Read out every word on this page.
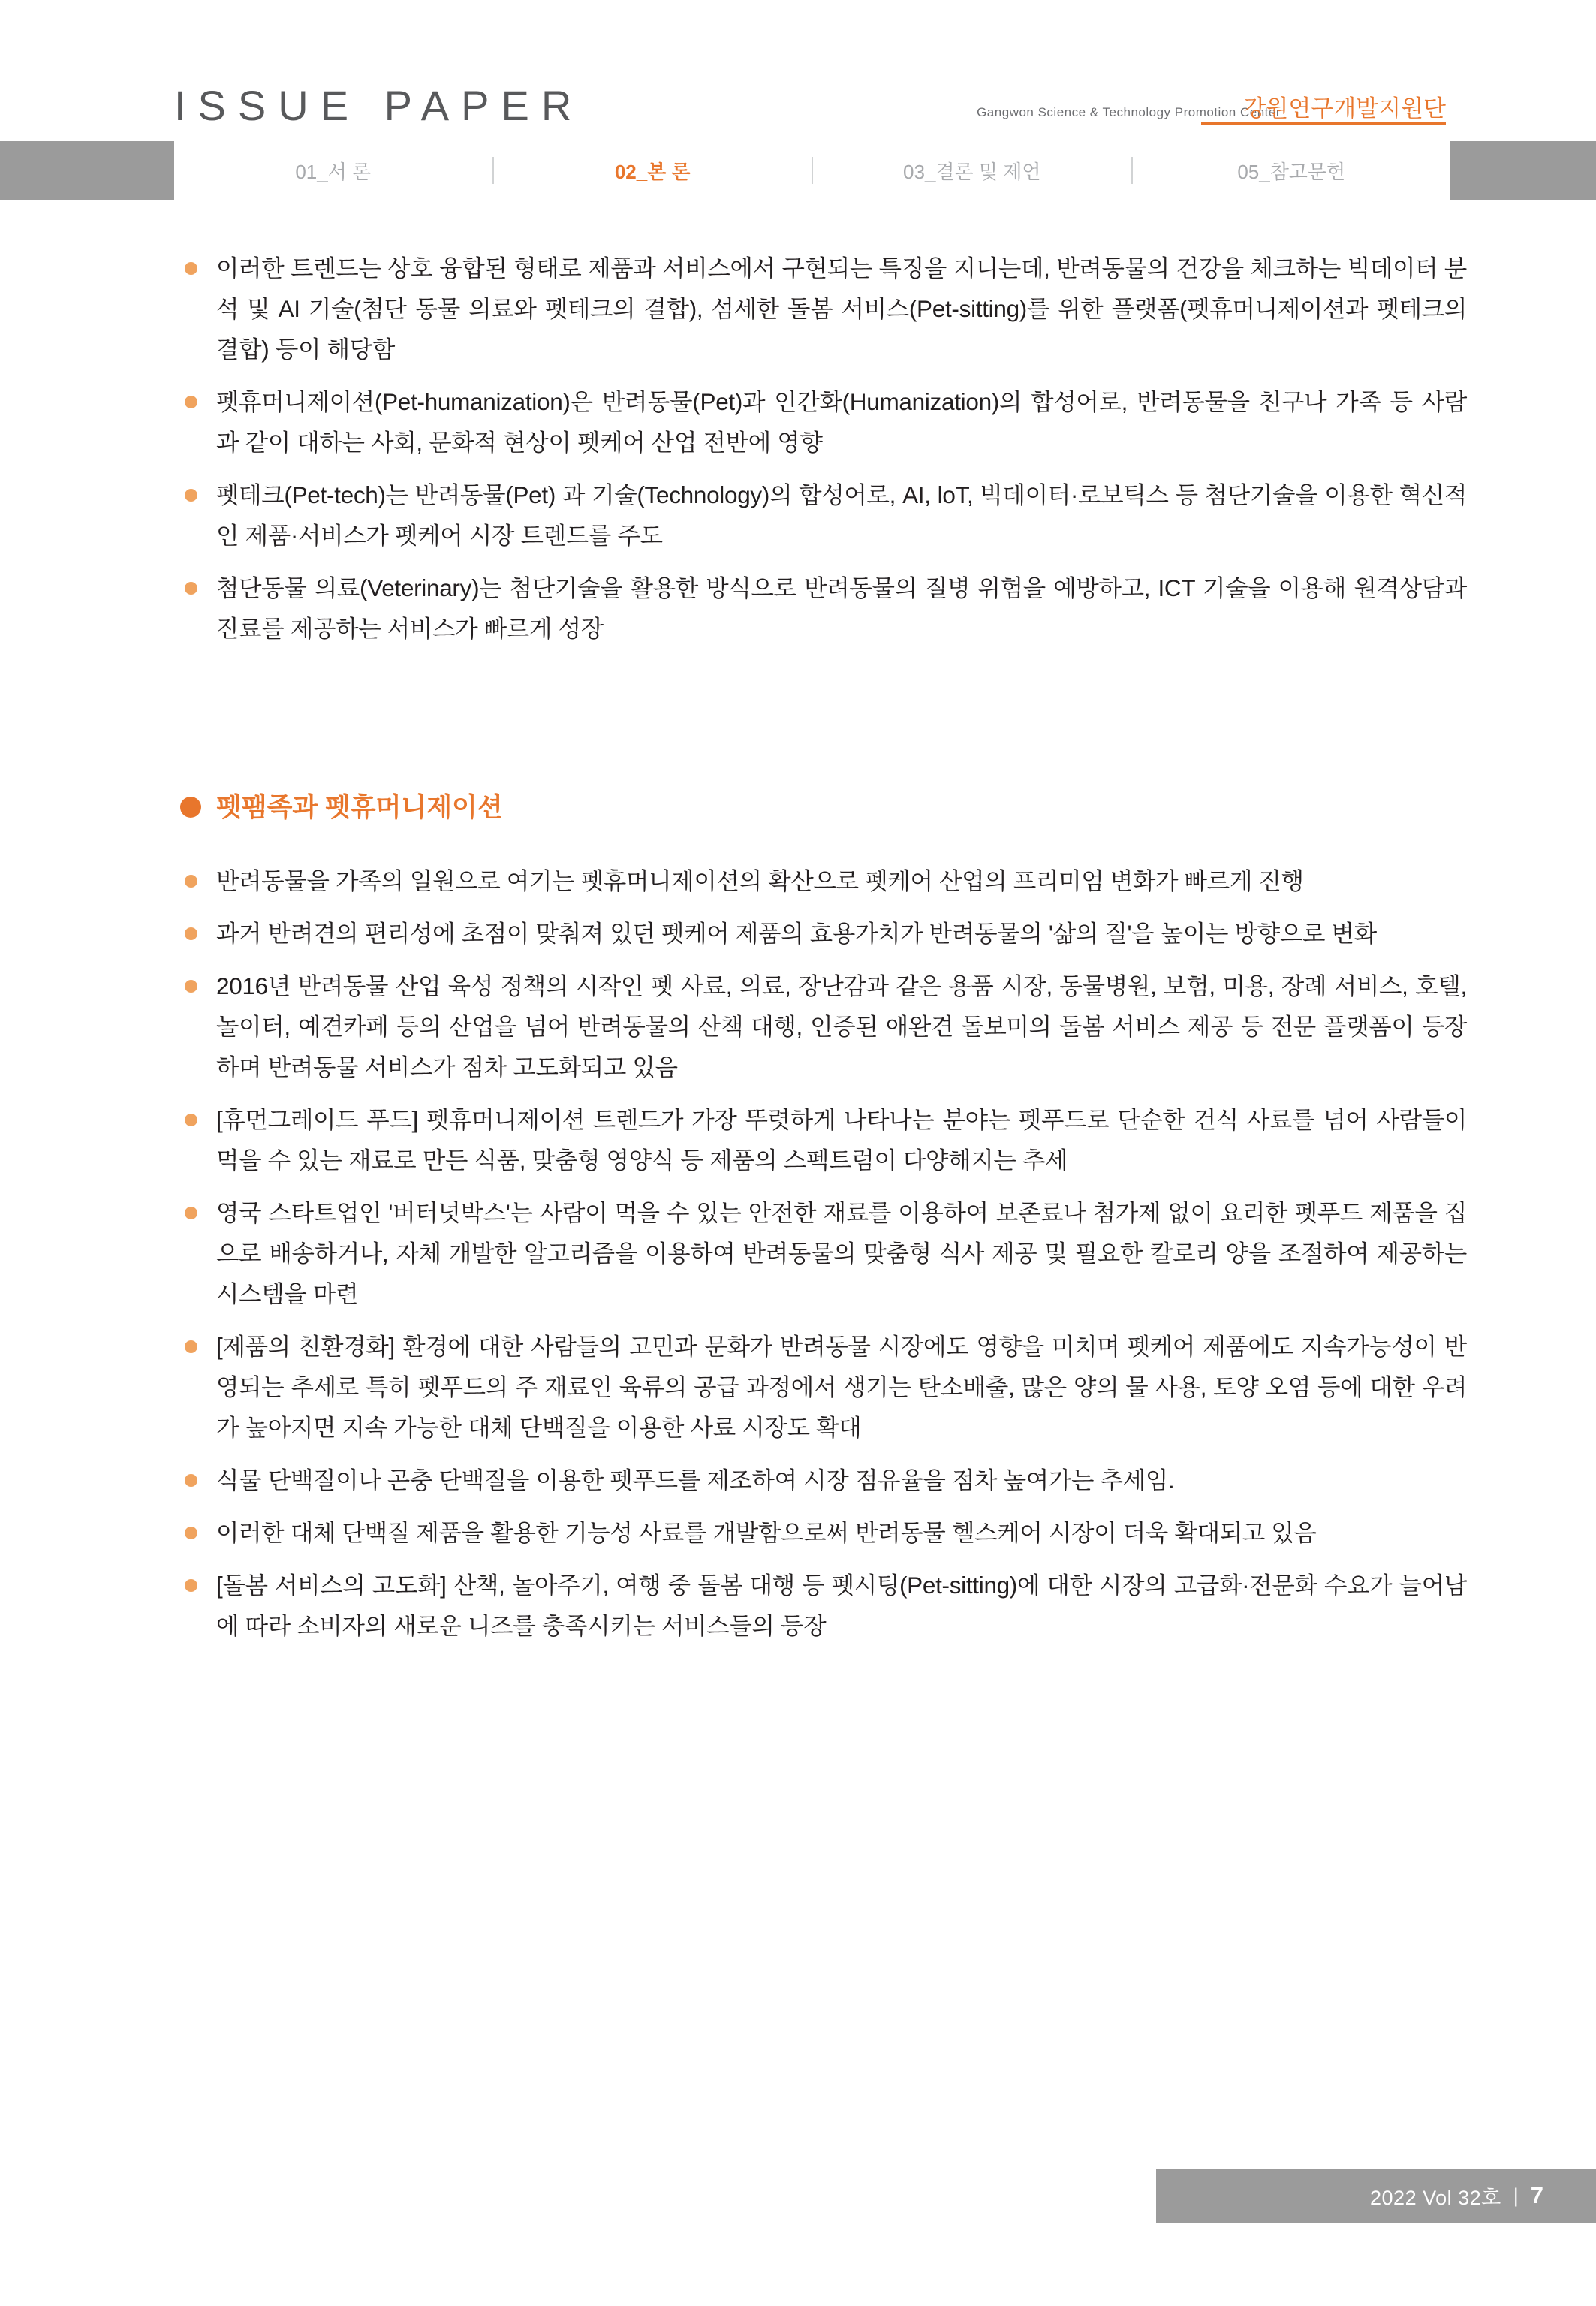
ISSUE PAPER	Gangwon Science & Technology Promotion Center
강원연구개발지원단
01_서 론	02_본 론	03_결론 및 제언	05_참고문헌
이러한 트렌드는 상호 융합된 형태로 제품과 서비스에서 구현되는 특징을 지니는데, 반려동물의 건강을 체크하는 빅데이터 분석 및 AI 기술(첨단 동물 의료와 펫테크의 결합), 섬세한 돌봄 서비스(Pet-sitting)를 위한 플랫폼(펫휴머니제이션과 펫테크의 결합) 등이 해당함
펫휴머니제이션(Pet-humanization)은 반려동물(Pet)과 인간화(Humanization)의 합성어로, 반려동물을 친구나 가족 등 사람과 같이 대하는 사회, 문화적 현상이 펫케어 산업 전반에 영향
펫테크(Pet-tech)는 반려동물(Pet) 과 기술(Technology)의 합성어로, AI, loT, 빅데이터·로보틱스 등 첨단기술을 이용한 혁신적인 제품·서비스가 펫케어 시장 트렌드를 주도
첨단동물 의료(Veterinary)는 첨단기술을 활용한 방식으로 반려동물의 질병 위험을 예방하고, ICT 기술을 이용해 원격상담과 진료를 제공하는 서비스가 빠르게 성장
펫팸족과 펫휴머니제이션
반려동물을 가족의 일원으로 여기는 펫휴머니제이션의 확산으로 펫케어 산업의 프리미엄 변화가 빠르게 진행
과거 반려견의 편리성에 초점이 맞춰져 있던 펫케어 제품의 효용가치가 반려동물의 '삶의 질'을 높이는 방향으로 변화
2016년 반려동물 산업 육성 정책의 시작인 펫 사료, 의료, 장난감과 같은 용품 시장, 동물병원, 보험, 미용, 장례 서비스, 호텔, 놀이터, 예견카페 등의 산업을 넘어 반려동물의 산책 대행, 인증된 애완견 돌보미의 돌봄 서비스 제공 등 전문 플랫폼이 등장하며 반려동물 서비스가 점차 고도화되고 있음
[휴먼그레이드 푸드] 펫휴머니제이션 트렌드가 가장 뚜렷하게 나타나는 분야는 펫푸드로 단순한 건식 사료를 넘어 사람들이 먹을 수 있는 재료로 만든 식품, 맞춤형 영양식 등 제품의 스펙트럼이 다양해지는 추세
영국 스타트업인 '버터넛박스'는 사람이 먹을 수 있는 안전한 재료를 이용하여 보존료나 첨가제 없이 요리한 펫푸드 제품을 집으로 배송하거나, 자체 개발한 알고리즘을 이용하여 반려동물의 맞춤형 식사 제공 및 필요한 칼로리 양을 조절하여 제공하는 시스템을 마련
[제품의 친환경화] 환경에 대한 사람들의 고민과 문화가 반려동물 시장에도 영향을 미치며 펫케어 제품에도 지속가능성이 반영되는 추세로 특히 펫푸드의 주 재료인 육류의 공급 과정에서 생기는 탄소배출, 많은 양의 물 사용, 토양 오염 등에 대한 우려가 높아지면 지속 가능한 대체 단백질을 이용한 사료 시장도 확대
식물 단백질이나 곤충 단백질을 이용한 펫푸드를 제조하여 시장 점유율을 점차 높여가는 추세임.
이러한 대체 단백질 제품을 활용한 기능성 사료를 개발함으로써 반려동물 헬스케어 시장이 더욱 확대되고 있음
[돌봄 서비스의 고도화] 산책, 놀아주기, 여행 중 돌봄 대행 등 펫시팅(Pet-sitting)에 대한 시장의 고급화·전문화 수요가 늘어남에 따라 소비자의 새로운 니즈를 충족시키는 서비스들의 등장
2022 Vol 32호 | 7
